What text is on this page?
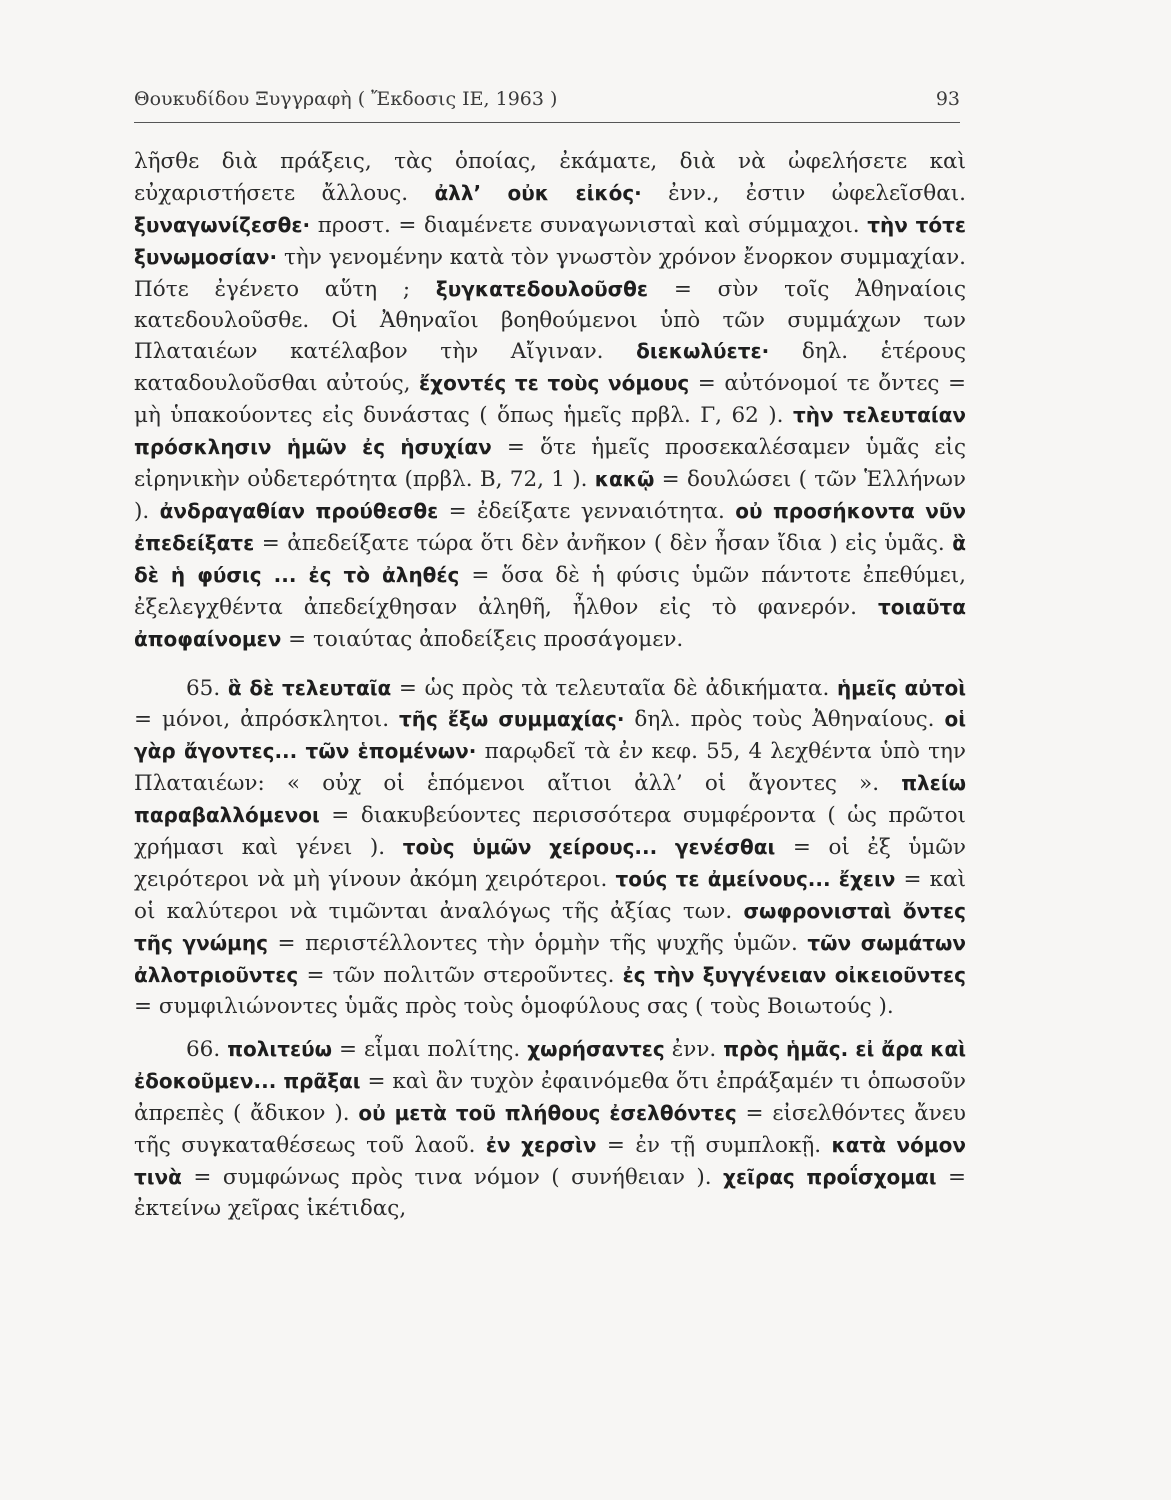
Θουκυδίδου Ξυγγραφὴ ( Ἔκδοσις ΙΕ, 1963 )	93

λῆσθε διὰ πράξεις, τὰς ὁποίας, ἐκάματε, διὰ νὰ ὠφελήσετε καὶ εὐχαριστήσετε ἄλλους. ἀλλ’ οὐκ εἰκός· ἐνν., ἐστιν ὠφελεῖσθαι. ξυναγωνίζεσθε· προστ. = διαμένετε συναγωνισταὶ καὶ σύμμαχοι. τὴν τότε ξυνωμοσίαν· τὴν γενομένην κατὰ τὸν γνωστὸν χρόνον ἔνορκον συμμαχίαν. Πότε ἐγένετο αὕτη ; ξυγκατεδουλοῦσθε = σὺν τοῖς Ἀθηναίοις κατεδουλοῦσθε. Οἱ Ἀθηναῖοι βοηθούμενοι ὑπὸ τῶν συμμάχων των Πλαταιέων κατέλαβον τὴν Αἴγιναν. διεκωλύετε· δηλ. ἑτέρους καταδουλοῦσθαι αὐτούς, ἔχοντές τε τοὺς νόμους = αὐτόνομοί τε ὄντες = μὴ ὑπακούοντες εἰς δυνάστας ( ὅπως ἡμεῖς πρβλ. Γ, 62 ). τὴν τελευταίαν πρόσκλησιν ἡμῶν ἐς ἡσυχίαν = ὅτε ἡμεῖς προσεκαλέσαμεν ὑμᾶς εἰς εἰρηνικὴν οὐδετερότητα (πρβλ. Β, 72, 1 ). κακῷ = δουλώσει ( τῶν Ἑλλήνων ). ἀνδραγαθίαν προύθεσθε = ἐδείξατε γενναιότητα. οὐ προσήκοντα νῦν ἐπεδείξατε = ἀπεδείξατε τώρα ὅτι δὲν ἀνῆκον ( δὲν ἦσαν ἴδια ) εἰς ὑμᾶς. ἃ δὲ ἡ φύσις ... ἐς τὸ ἀληθές = ὅσα δὲ ἡ φύσις ὑμῶν πάντοτε ἐπεθύμει, ἐξελεγχθέντα ἀπεδείχθησαν ἀληθῆ, ἦλθον εἰς τὸ φανερόν. τοιαῦτα ἀποφαίνομεν = τοιαύτας ἀποδείξεις προσάγομεν.

65. ἃ δὲ τελευταῖα = ὡς πρὸς τὰ τελευταῖα δὲ ἀδικήματα. ἡμεῖς αὐτοὶ = μόνοι, ἀπρόσκλητοι. τῆς ἔξω συμμαχίας· δηλ. πρὸς τοὺς Ἀθηναίους. οἱ γὰρ ἄγοντες... τῶν ἑπομένων· παρῳδεῖ τὰ ἐν κεφ. 55, 4 λεχθέντα ὑπὸ την Πλαταιέων: « οὐχ οἱ ἑπόμενοι αἴτιοι ἀλλ’ οἱ ἄγοντες ». πλείω παραβαλλόμενοι = διακυβεύοντες περισσότερα συμφέροντα ( ὡς πρῶτοι χρήμασι καὶ γένει ). τοὺς ὑμῶν χείρους... γενέσθαι = οἱ ἐξ ὑμῶν χειρότεροι νὰ μὴ γίνουν ἀκόμη χειρότεροι. τούς τε ἀμείνους... ἔχειν = καὶ οἱ καλύτεροι νὰ τιμῶνται ἀναλόγως τῆς ἀξίας των. σωφρονισταὶ ὄντες τῆς γνώμης = περιστέλλοντες τὴν ὁρμὴν τῆς ψυχῆς ὑμῶν. τῶν σωμάτων ἀλλοτριοῦντες = τῶν πολιτῶν στεροῦντες. ἐς τὴν ξυγγένειαν οἰκειοῦντες = συμφιλιώνοντες ὑμᾶς πρὸς τοὺς ὁμοφύλους σας ( τοὺς Βοιωτούς ).

66. πολιτεύω = εἶμαι πολίτης. χωρήσαντες ἐνν. πρὸς ἡμᾶς. εἰ ἄρα καὶ ἐδοκοῦμεν... πρᾶξαι = καὶ ἂν τυχὸν ἐφαινόμεθα ὅτι ἐπράξαμέν τι ὁπωσοῦν ἀπρεπὲς ( ἄδικον ). οὐ μετὰ τοῦ πλήθους ἐσελθόντες = εἰσελθόντες ἄνευ τῆς συγκαταθέσεως τοῦ λαοῦ. ἐν χερσὶν = ἐν τῇ συμπλοκῇ. κατὰ νόμον τινὰ = συμφώνως πρὸς τινα νόμον ( συνήθειαν ). χεῖρας προΐσχομαι = ἐκτείνω χεῖρας ἱκέτιδας,
